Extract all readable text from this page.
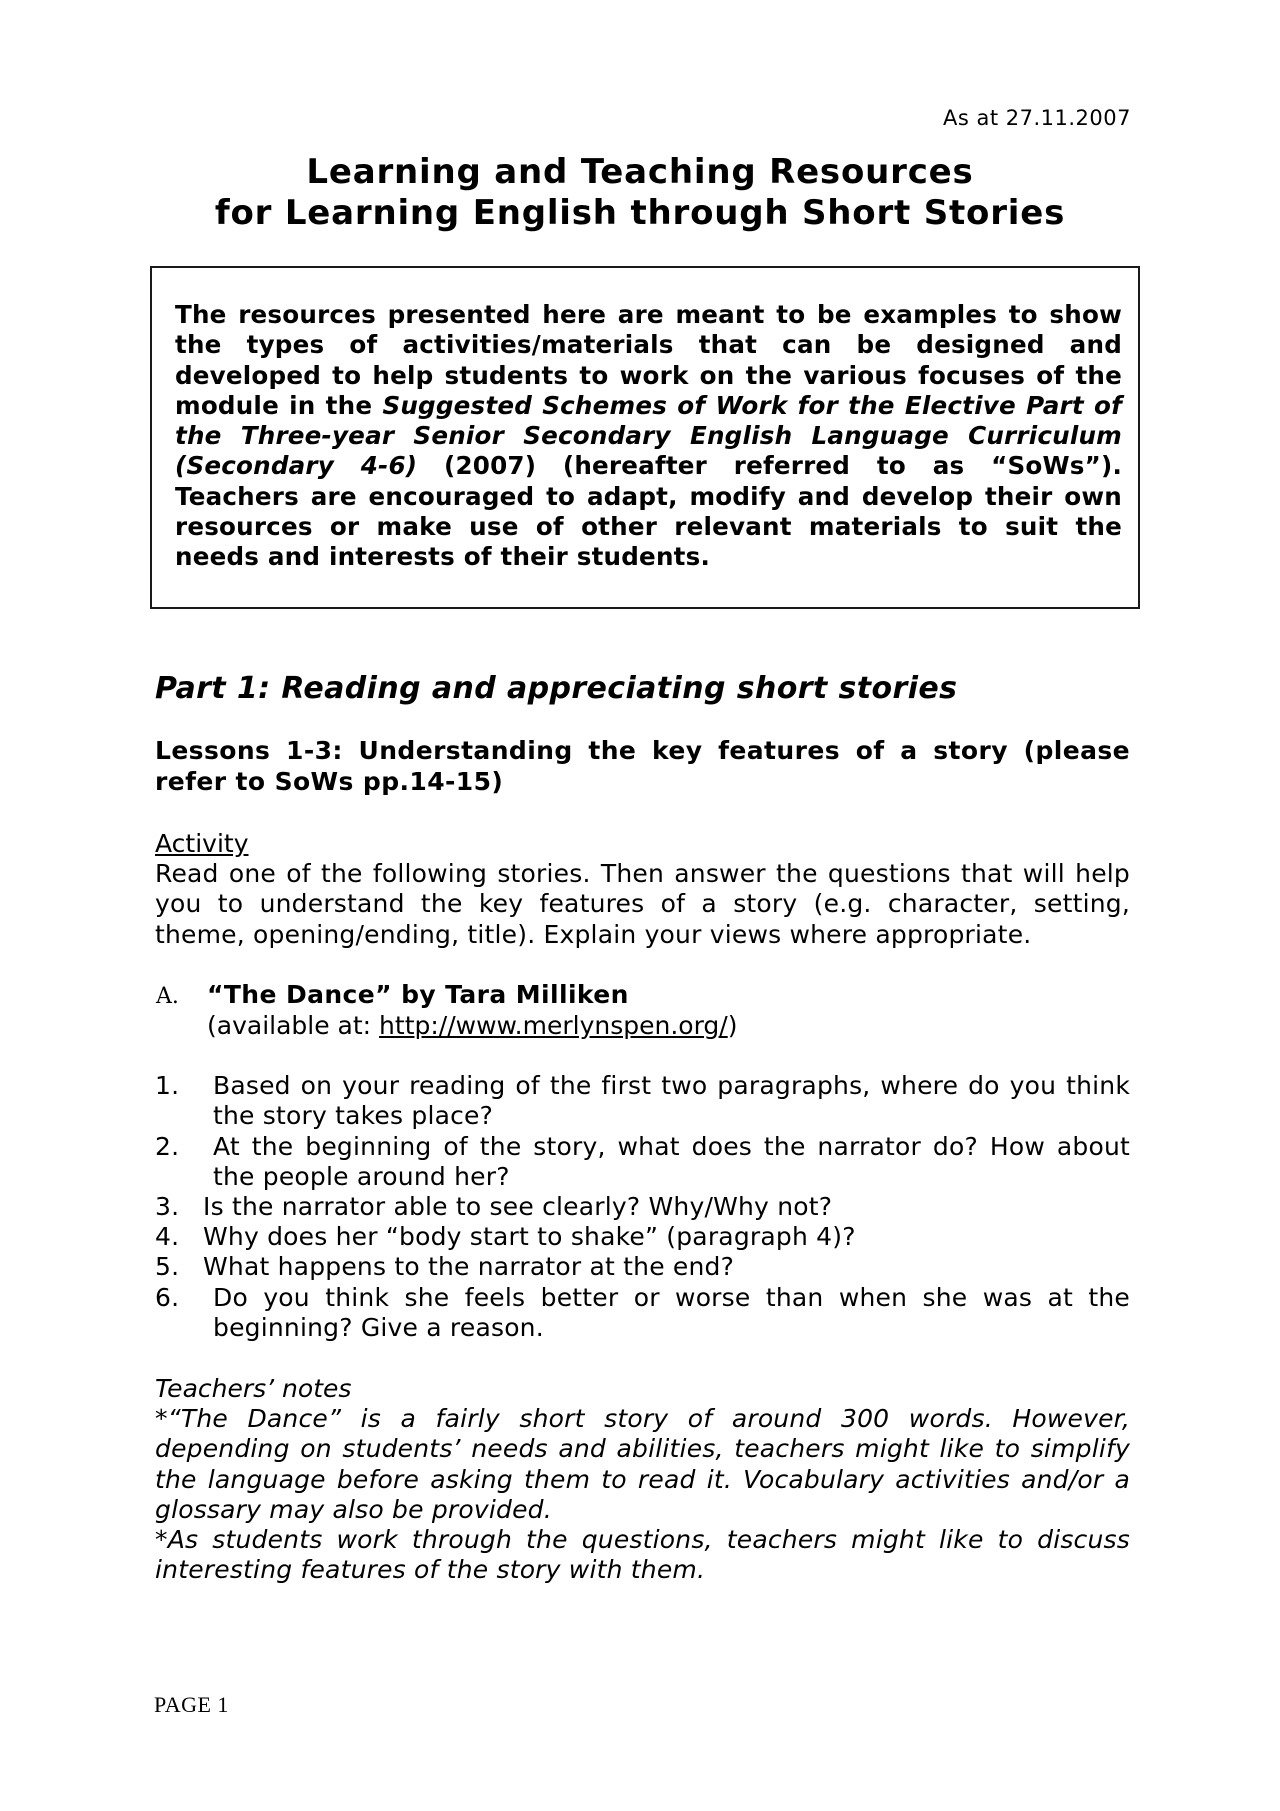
As at 27.11.2007
Learning and Teaching Resources
for Learning English through Short Stories
The resources presented here are meant to be examples to show the types of activities/materials that can be designed and developed to help students to work on the various focuses of the module in the Suggested Schemes of Work for the Elective Part of the Three-year Senior Secondary English Language Curriculum (Secondary 4-6) (2007) (hereafter referred to as “SoWs”). Teachers are encouraged to adapt, modify and develop their own resources or make use of other relevant materials to suit the needs and interests of their students.
Part 1: Reading and appreciating short stories
Lessons 1-3: Understanding the key features of a story (please refer to SoWs pp.14-15)
Activity
Read one of the following stories. Then answer the questions that will help you to understand the key features of a story (e.g. character, setting, theme, opening/ending, title). Explain your views where appropriate.
A. “The Dance” by Tara Milliken
(available at: http://www.merlynspen.org/)
1. Based on your reading of the first two paragraphs, where do you think the story takes place?
2. At the beginning of the story, what does the narrator do? How about the people around her?
3. Is the narrator able to see clearly? Why/Why not?
4. Why does her “body start to shake” (paragraph 4)?
5. What happens to the narrator at the end?
6. Do you think she feels better or worse than when she was at the beginning? Give a reason.
Teachers’ notes

*“The Dance” is a fairly short story of around 300 words. However, depending on students’ needs and abilities, teachers might like to simplify the language before asking them to read it. Vocabulary activities and/or a glossary may also be provided.

*As students work through the questions, teachers might like to discuss interesting features of the story with them.

PAGE 1
